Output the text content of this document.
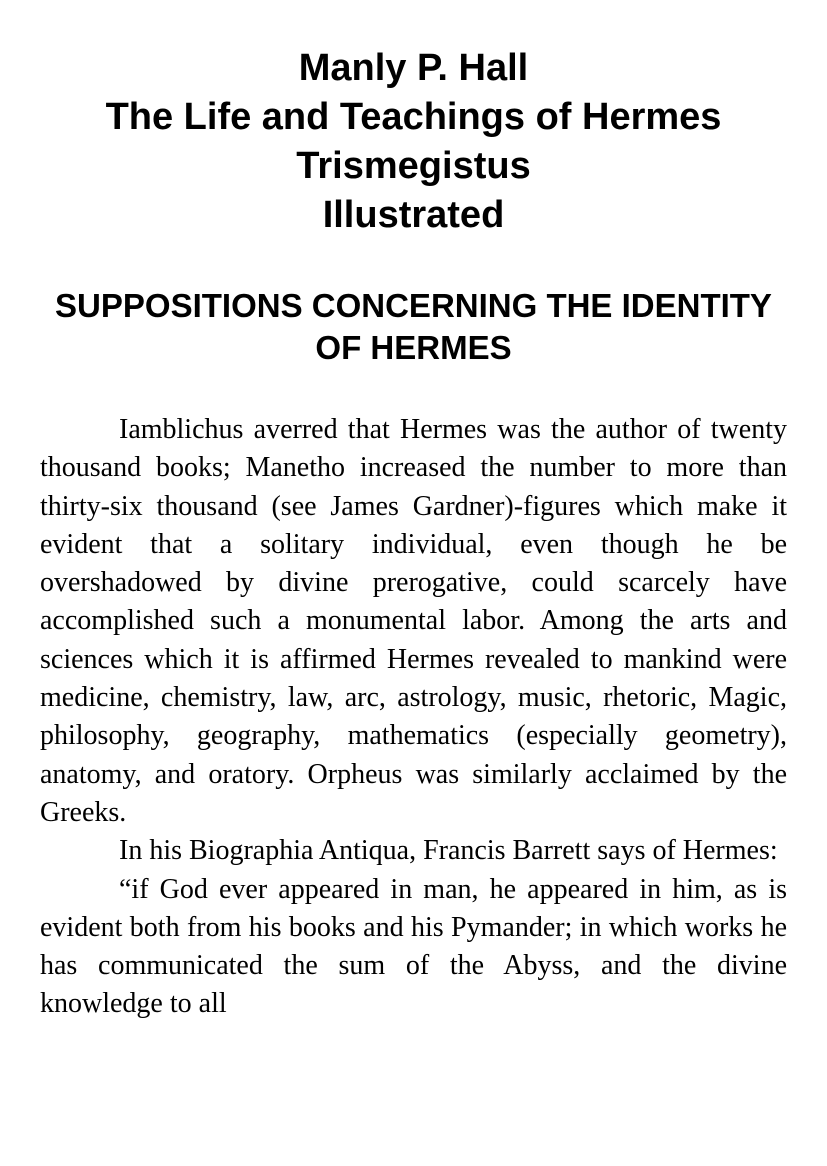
Manly P. Hall
The Life and Teachings of Hermes
Trismegistus
Illustrated
SUPPOSITIONS CONCERNING THE IDENTITY OF HERMES

Iamblichus averred that Hermes was the author of twenty thousand books; Manetho increased the number to more than thirty-six thousand (see James Gardner)-figures which make it evident that a solitary individual, even though he be overshadowed by divine prerogative, could scarcely have accomplished such a monumental labor. Among the arts and sciences which it is affirmed Hermes revealed to mankind were medicine, chemistry, law, arc, astrology, music, rhetoric, Magic, philosophy, geography, mathematics (especially geometry), anatomy, and oratory. Orpheus was similarly acclaimed by the Greeks.

In his Biographia Antiqua, Francis Barrett says of Hermes:

“if God ever appeared in man, he appeared in him, as is evident both from his books and his Pymander; in which works he has communicated the sum of the Abyss, and the divine knowledge to all
